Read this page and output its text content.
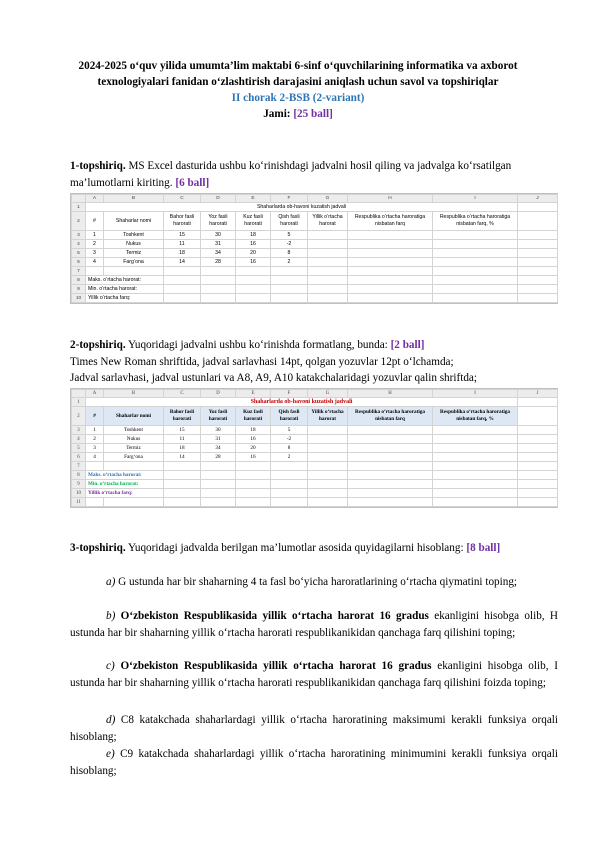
2024-2025 o‘quv yilida umumta’lim maktabi 6-sinf o‘quvchilarining informatika va axborot texnologiyalari fanidan o‘zlashtirish darajasini aniqlash uchun savol va topshiriqlar
II chorak 2-BSB (2-variant)
Jami: [25 ball]

1-topshiriq. MS Excel dasturida ushbu ko‘rinishdagi jadvalni hosil qiling va jadvalga ko‘rsatilgan ma’lumotlarni kiriting. [6 ball]

	A	B	C	D	E	F	G	H	I	J
1	Shaharlarda ob-havoni kuzatish jadvali									
2	#	Shaharlar nomi	Bahor fasli harorati	Yoz fasli harorati	Kuz fasli harorati	Qish fasli harorati	Yillik o‘rtacha harorat	Respublika o‘rtacha haroratiga nisbatan farq	Respublika o‘rtacha haroratiga nisbatan farq, %	
3	1	Toshkent	15	30	18	5				
4	2	Nukus	11	31	16	-2				
5	3	Termiz	18	34	20	8				
6	4	Farg‘ona	14	28	16	2				
7										
8	Maks. o‘rtacha harorat:									
9	Min. o‘rtacha harorat:									
10	Yillik o‘rtacha farq:									

2-topshiriq. Yuqoridagi jadvalni ushbu ko‘rinishda formatlang, bunda: [2 ball]
Times New Roman shriftida, jadval sarlavhasi 14pt, qolgan yozuvlar 12pt o‘lchamda;
Jadval sarlavhasi, jadval ustunlari va A8, A9, A10 katakchalaridagi yozuvlar qalin shriftda;

	A	B	C	D	E	F	G	H	I	J
1	Shaharlarda ob-havoni kuzatish jadvali									
2	#	Shaharlar nomi	Bahor fasli harorati	Yoz fasli harorati	Kuz fasli harorati	Qish fasli harorati	Yillik o‘rtacha harorat	Respublika o‘rtacha haroratiga nisbatan farq	Respublika o‘rtacha haroratiga nisbatan farq, %	
3	1	Toshkent	15	30	18	5				
4	2	Nukus	11	31	16	-2				
5	3	Termiz	18	34	20	8				
6	4	Farg‘ona	14	28	16	2				
7										
8	Maks. o‘rtacha harorat:									
9	Min. o‘rtacha harorat:									
10	Yillik o‘rtacha farq:									
11										

3-topshiriq. Yuqoridagi jadvalda berilgan ma’lumotlar asosida quyidagilarni hisoblang: [8 ball]

a) G ustunda har bir shaharning 4 ta fasl bo‘yicha haroratlarining o‘rtacha qiymatini toping;

b) O‘zbekiston Respublikasida yillik o‘rtacha harorat 16 gradus ekanligini hisobga olib, H ustunda har bir shaharning yillik o‘rtacha harorati respublikanikidan qanchaga farq qilishini toping;

c) O‘zbekiston Respublikasida yillik o‘rtacha harorat 16 gradus ekanligini hisobga olib, I ustunda har bir shaharning yillik o‘rtacha harorati respublikanikidan qanchaga farq qilishini foizda toping;

d) C8 katakchada shaharlardagi yillik o‘rtacha haroratining maksimumi kerakli funksiya orqali hisoblang;

e) C9 katakchada shaharlardagi yillik o‘rtacha haroratining minimumini kerakli funksiya orqali hisoblang;
